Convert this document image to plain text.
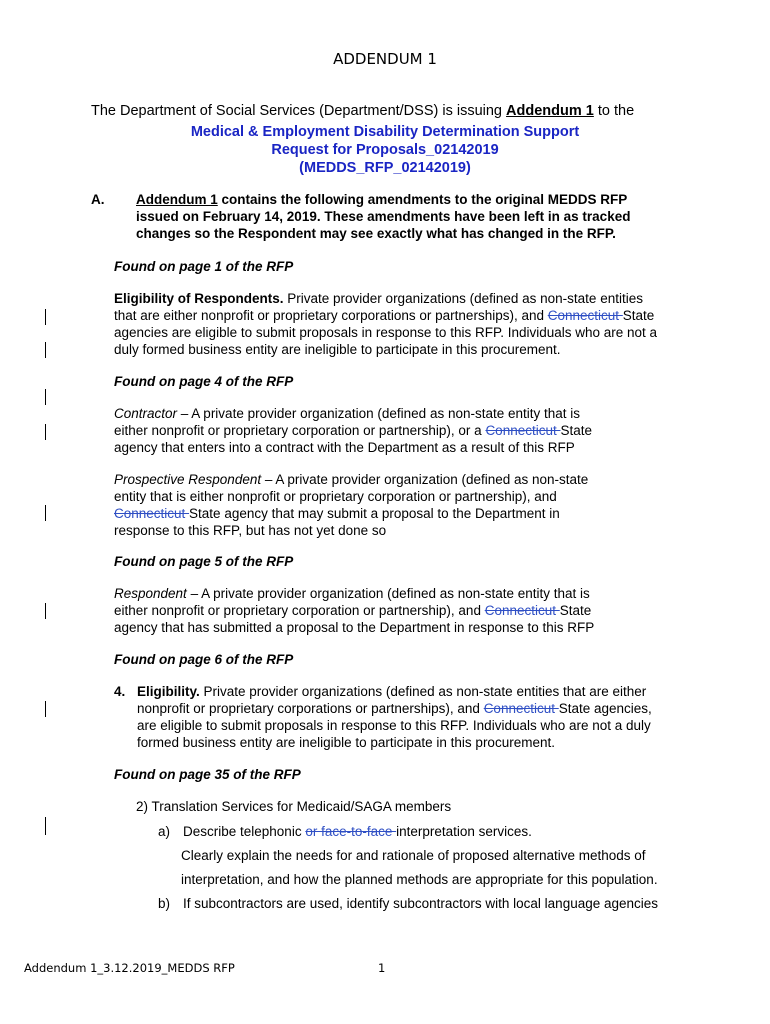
ADDENDUM 1
The Department of Social Services (Department/DSS) is issuing Addendum 1 to the
Medical & Employment Disability Determination Support
Request for Proposals_02142019
(MEDDS_RFP_02142019)
A. Addendum 1 contains the following amendments to the original MEDDS RFP
issued on February 14, 2019. These amendments have been left in as tracked
changes so the Respondent may see exactly what has changed in the RFP.
Found on page 1 of the RFP
Eligibility of Respondents. Private provider organizations (defined as non-state entities
that are either nonprofit or proprietary corporations or partnerships), and Connecticut State
agencies are eligible to submit proposals in response to this RFP. Individuals who are not a
duly formed business entity are ineligible to participate in this procurement.
Found on page 4 of the RFP
Contractor – A private provider organization (defined as non-state entity that is
either nonprofit or proprietary corporation or partnership), or a Connecticut State
agency that enters into a contract with the Department as a result of this RFP
Prospective Respondent – A private provider organization (defined as non-state
entity that is either nonprofit or proprietary corporation or partnership), and
Connecticut State agency that may submit a proposal to the Department in
response to this RFP, but has not yet done so
Found on page 5 of the RFP
Respondent – A private provider organization (defined as non-state entity that is
either nonprofit or proprietary corporation or partnership), and Connecticut State
agency that has submitted a proposal to the Department in response to this RFP
Found on page 6 of the RFP
4. Eligibility. Private provider organizations (defined as non-state entities that are either
nonprofit or proprietary corporations or partnerships), and Connecticut State agencies,
are eligible to submit proposals in response to this RFP. Individuals who are not a duly
formed business entity are ineligible to participate in this procurement.
Found on page 35 of the RFP
2) Translation Services for Medicaid/SAGA members
a) Describe telephonic or face-to-face interpretation services.
Clearly explain the needs for and rationale of proposed alternative methods of
interpretation, and how the planned methods are appropriate for this population.
b) If subcontractors are used, identify subcontractors with local language agencies
Addendum 1_3.12.2019_MEDDS RFP	1
